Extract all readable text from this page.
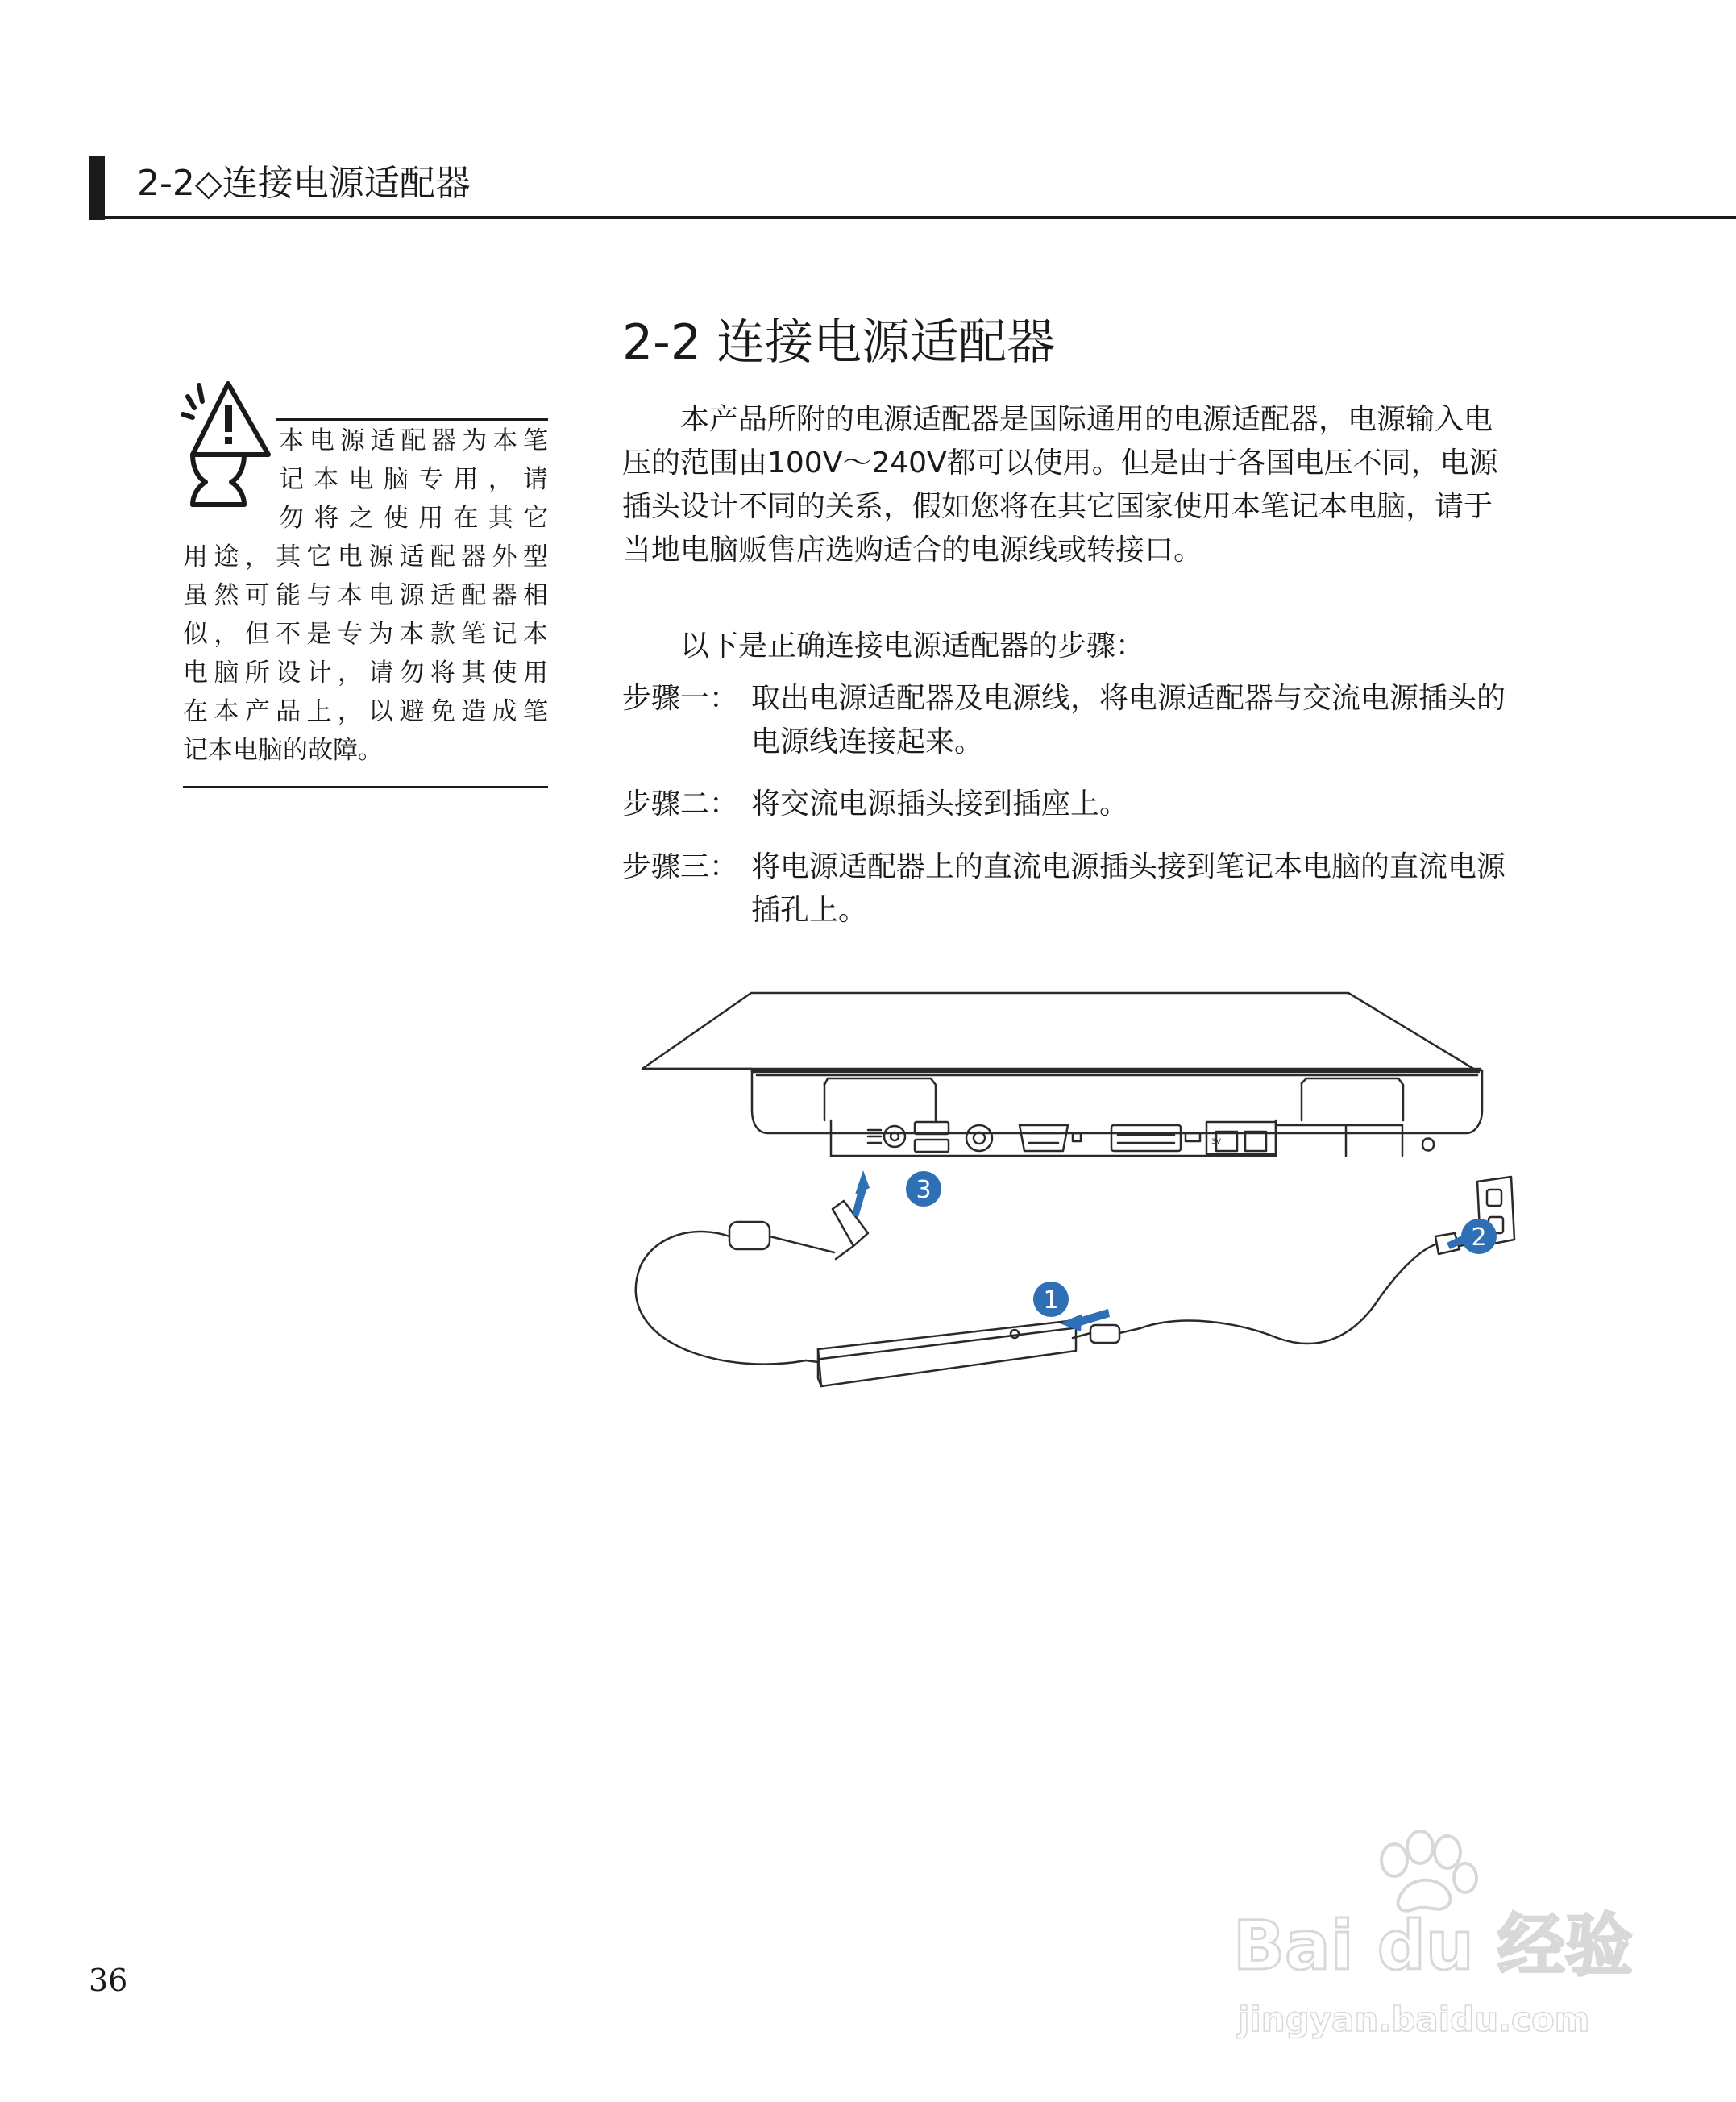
2-2◇连接电源适配器
2-2 连接电源适配器
本产品所附的电源适配器是国际通用的电源适配器，电源输入电压的范围由100V～240V都可以使用。但是由于各国电压不同，电源插头设计不同的关系，假如您将在其它国家使用本笔记本电脑，请于当地电脑贩售店选购适合的电源线或转接口。
以下是正确连接电源适配器的步骤：
步骤一： 取出电源适配器及电源线，将电源适配器与交流电源插头的电源线连接起来。
步骤二： 将交流电源插头接到插座上。
步骤三： 将电源适配器上的直流电源插头接到笔记本电脑的直流电源插孔上。
本电源适配器为本笔
记本电脑专用，请
勿将之使用在其它
用途，其它电源适配器外型
虽然可能与本电源适配器相
似，但不是专为本款笔记本
电脑所设计，请勿将其使用
在本产品上，以避免造成笔
记本电脑的故障。
3
1
2
3V
36	Bai du 经验
jingyan.baidu.com
